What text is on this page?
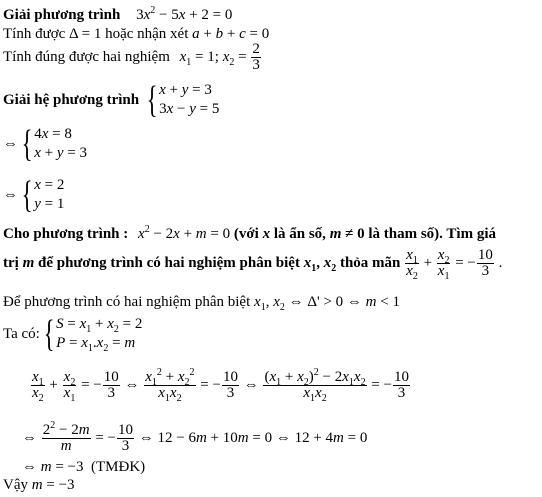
Giải phương trình $3x^2 - 5x + 2 = 0$
Tính được Δ = 1 hoặc nhận xét a + b + c = 0
Tính đúng được hai nghiệm $x_1 = 1$; $x_2 = \frac{2}{3}$
Giải hệ phương trình { x + y = 3
3x − y = 5
⇔ { 4x = 8
x + y = 3
⇔ { x = 2
y = 1
Cho phương trình : $x^2 - 2x + m = 0$ (với x là ẩn số, m ≠ 0 là tham số). Tìm giá
trị m để phương trình có hai nghiệm phân biệt $x_1$, $x_2$ thỏa mãn $\frac{x_1}{x_2} + \frac{x_2}{x_1}$ = − $\frac{10}{3}$ .
Để phương trình có hai nghiệm phân biệt $x_1$, $x_2$ ⇔ Δ' > 0 ⇔ m < 1
Ta có: { $S = x_1 + x_2 = 2$
$P = x_1.x_2 = m$
$\frac{x_1}{x_2} + \frac{x_2}{x_1}$ = − $\frac{10}{3}$ ⇔ $\frac{x_1^2 + x_2^2}{x_1x_2}$ = − $\frac{10}{3}$ ⇔ $\frac{(x_1 + x_2)^2 - 2x_1x_2}{x_1x_2}$ = − $\frac{10}{3}$
⇔ $\frac{2^2 - 2m}{m}$ = − $\frac{10}{3}$ ⇔ 12 − 6m + 10m = 0 ⇔ 12 + 4m = 0
⇔ m = −3  (TMĐK)
Vậy m = −3
